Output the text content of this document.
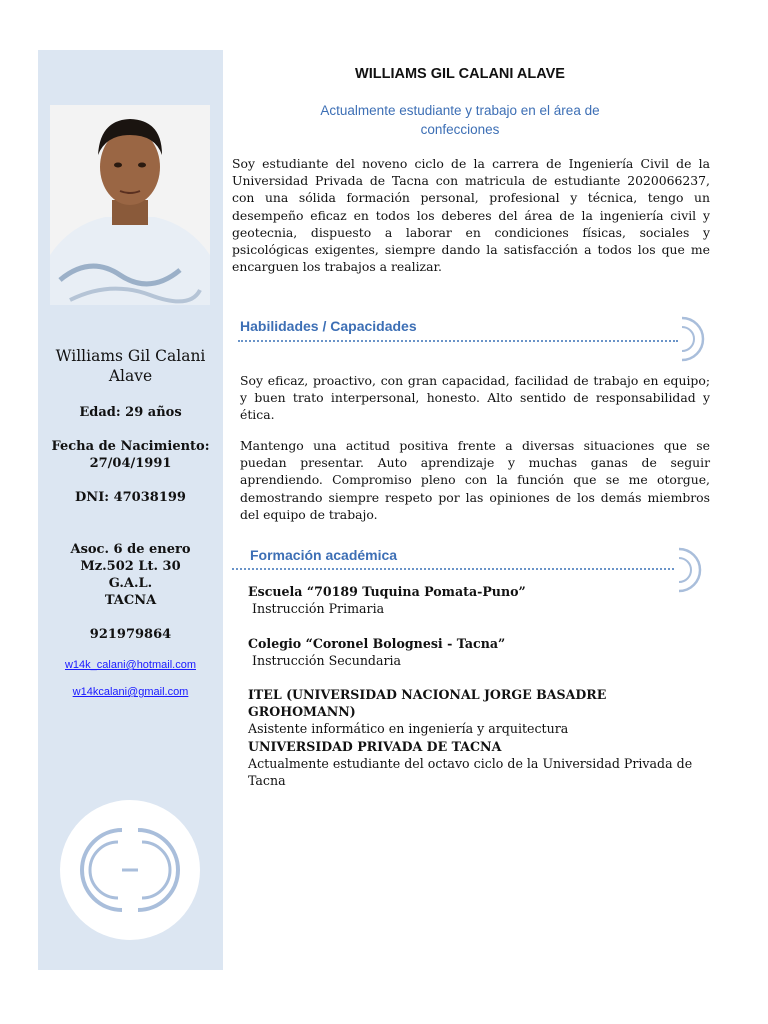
Williams Gil Calani Alave
Edad: 29 años
Fecha de Nacimiento:
27/04/1991
DNI: 47038199
Asoc. 6 de enero
Mz.502 Lt. 30
G.A.L.
TACNA
921979864
w14k_calani@hotmail.com
w14kcalani@gmail.com
WILLIAMS GIL CALANI ALAVE
Actualmente estudiante y trabajo en el área de confecciones
Soy estudiante del noveno ciclo de la carrera de Ingeniería Civil de la Universidad Privada de Tacna con matricula de estudiante 2020066237, con una sólida formación personal, profesional y técnica, tengo un desempeño eficaz en todos los deberes del área de la ingeniería civil y geotecnia, dispuesto a laborar en condiciones físicas, sociales y psicológicas exigentes, siempre dando la satisfacción a todos los que me encarguen los trabajos a realizar.
Habilidades / Capacidades
Soy eficaz, proactivo, con gran capacidad, facilidad de trabajo en equipo; y buen trato interpersonal, honesto. Alto sentido de responsabilidad y ética.
Mantengo una actitud positiva frente a diversas situaciones que se puedan presentar. Auto aprendizaje y muchas ganas de seguir aprendiendo. Compromiso pleno con la función que se me otorgue, demostrando siempre respeto por las opiniones de los demás miembros del equipo de trabajo.
Formación académica
Escuela “70189 Tuquina Pomata-Puno”
Instrucción Primaria
Colegio “Coronel Bolognesi - Tacna”
Instrucción Secundaria
ITEL (UNIVERSIDAD NACIONAL JORGE BASADRE GROHOMANN)
Asistente informático en ingeniería y arquitectura
UNIVERSIDAD PRIVADA DE TACNA
Actualmente estudiante del octavo ciclo de la Universidad Privada de Tacna
